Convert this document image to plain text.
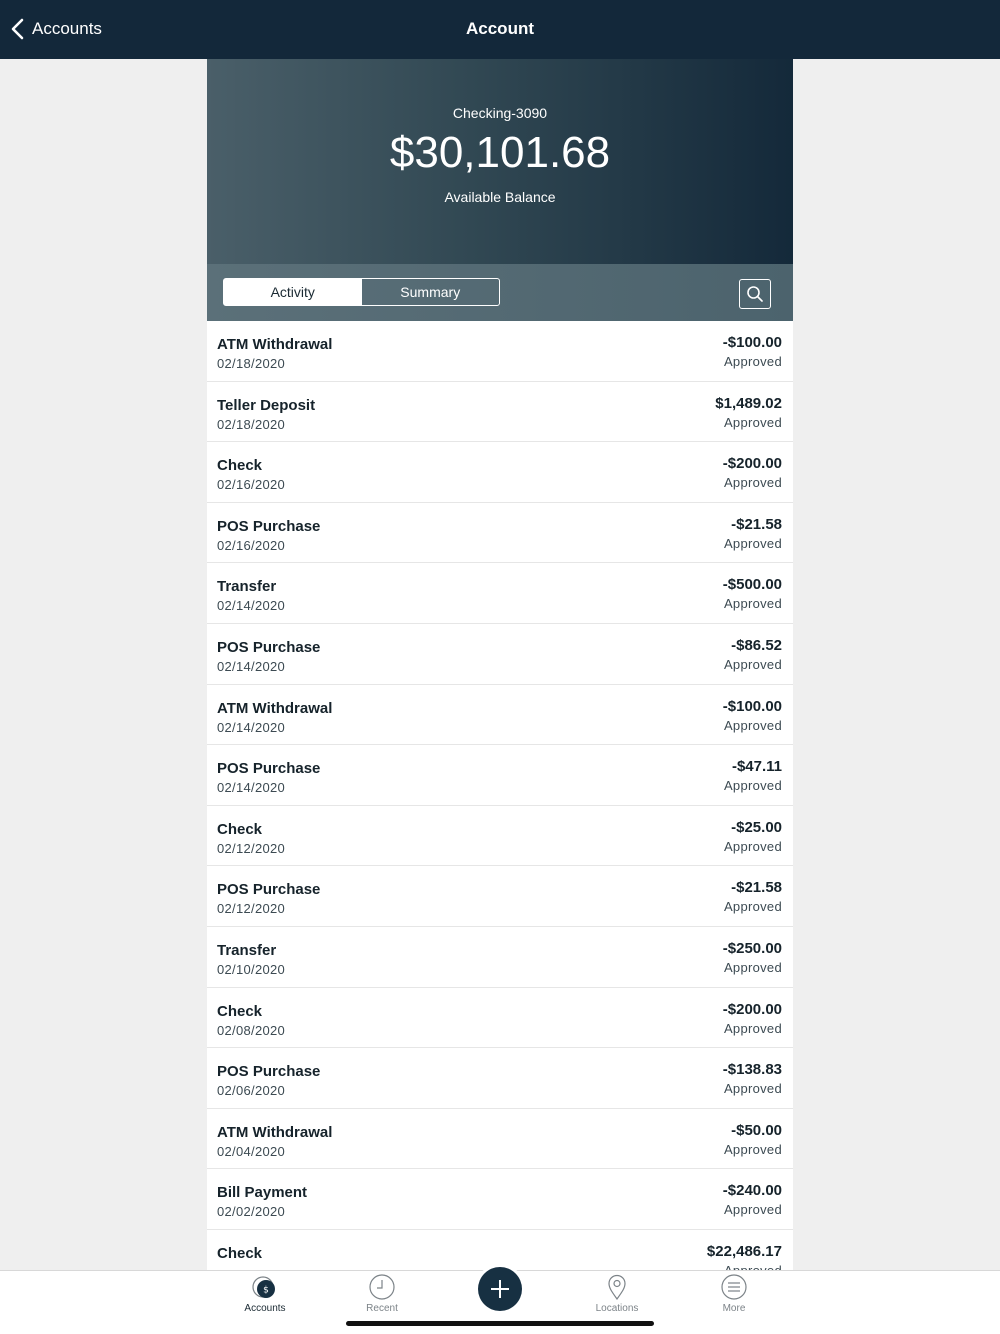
Accounts	Account
Checking-3090
$30,101.68
Available Balance
Activity	Summary
ATM Withdrawal
02/18/2020
-$100.00
Approved
Teller Deposit
02/18/2020
$1,489.02
Approved
Check
02/16/2020
-$200.00
Approved
POS Purchase
02/16/2020
-$21.58
Approved
Transfer
02/14/2020
-$500.00
Approved
POS Purchase
02/14/2020
-$86.52
Approved
ATM Withdrawal
02/14/2020
-$100.00
Approved
POS Purchase
02/14/2020
-$47.11
Approved
Check
02/12/2020
-$25.00
Approved
POS Purchase
02/12/2020
-$21.58
Approved
Transfer
02/10/2020
-$250.00
Approved
Check
02/08/2020
-$200.00
Approved
POS Purchase
02/06/2020
-$138.83
Approved
ATM Withdrawal
02/04/2020
-$50.00
Approved
Bill Payment
02/02/2020
-$240.00
Approved
Check	$22,486.17
$
Accounts	Recent	Locations	More
